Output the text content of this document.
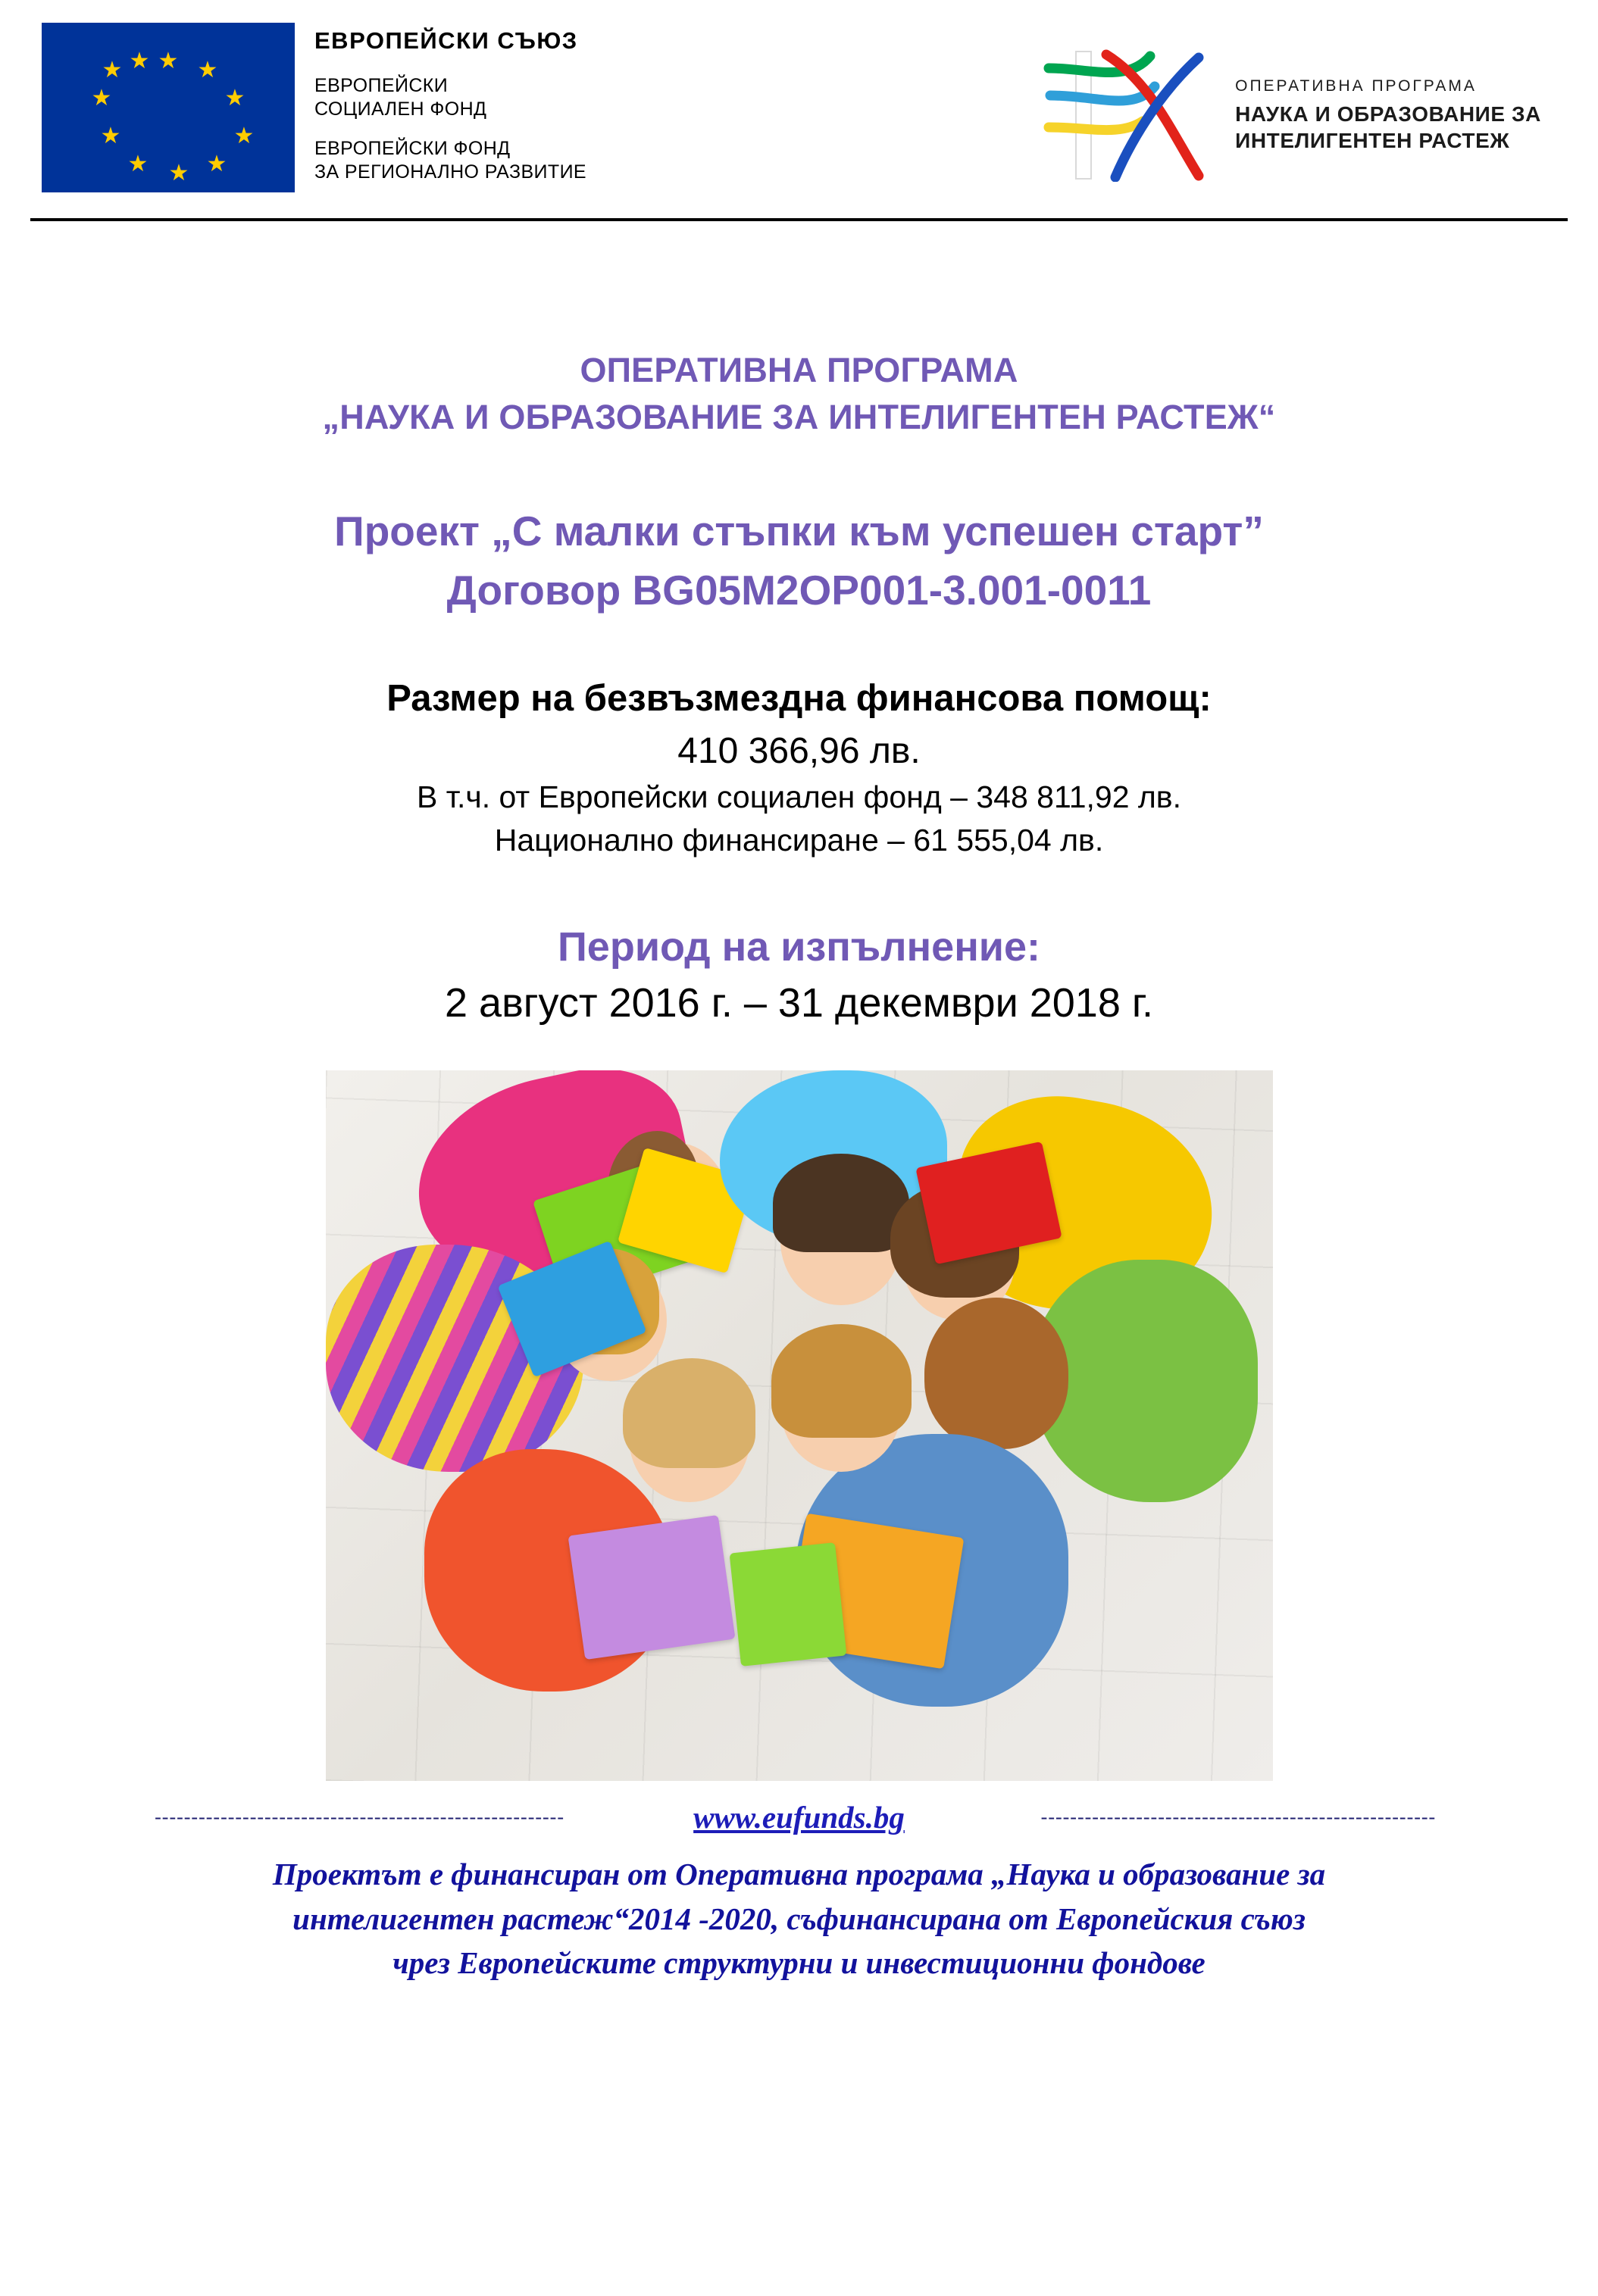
★ ★
★
★
★
★
★
★
★
★ ★
ЕВРОПЕЙСКИ СЪЮЗ
ЕВРОПЕЙСКИ
СОЦИАЛЕН ФОНД
ЕВРОПЕЙСКИ ФОНД
ЗА РЕГИОНАЛНО РАЗВИТИЕ
ОПЕРАТИВНА ПРОГРАМА
НАУКА И ОБРАЗОВАНИЕ ЗА
ИНТЕЛИГЕНТЕН РАСТЕЖ
ОПЕРАТИВНА ПРОГРАМА
„НАУКА И ОБРАЗОВАНИЕ ЗА ИНТЕЛИГЕНТЕН РАСТЕЖ“
Проект „С малки стъпки към успешен старт”
Договор BG05M2OP001-3.001-0011
Размер на безвъзмездна финансова помощ:
410 366,96 лв.
В т.ч. от Европейски социален фонд – 348 811,92 лв.
Национално финансиране – 61 555,04 лв.
Период на изпълнение:
2 август 2016 г. – 31 декември 2018 г.
--------------------------------------------------------	www.eufunds.bg	------------------------------------------------------
Проектът е финансиран от Оперативна програма „Наука и образование за
интелигентен растеж“2014 -2020, съфинансирана от Европейския съюз
чрез Европейските структурни и инвестиционни фондове
